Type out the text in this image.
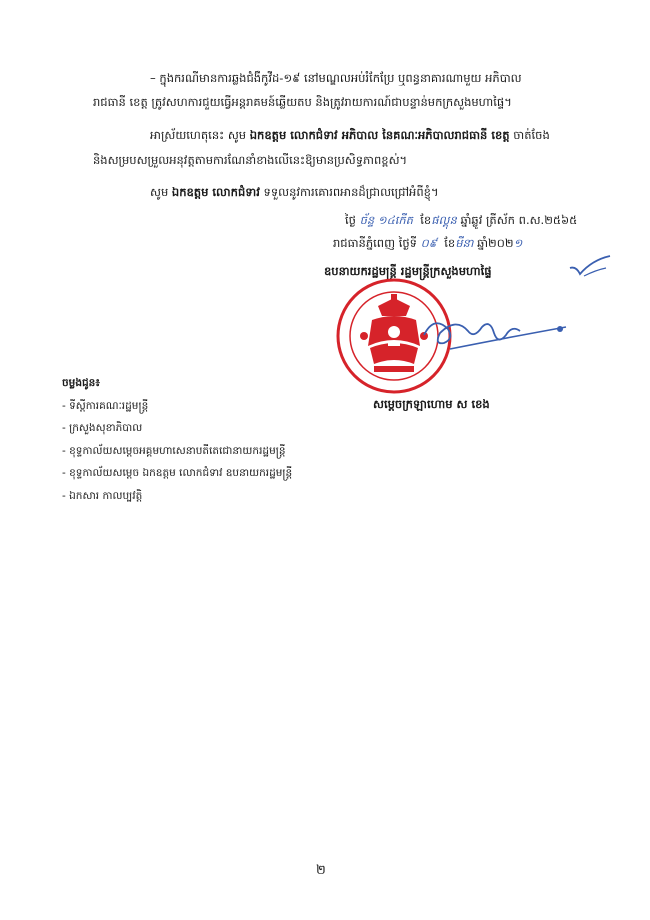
– ក្នុងករណីមានការឆ្លងជំងឺកូវីដ-១៩ នៅមណ្ឌលអប់រំកែប្រែ ឬពន្ធនាគារណាមួយ អភិបាល
រាជធានី ខេត្ត ត្រូវសហការជួយធ្វើអន្តរាគមន៍ឆ្លើយតប និងត្រូវរាយការណ៍ជាបន្ទាន់មកក្រសួងមហាផ្ទៃ។
អាស្រ័យហេតុនេះ សូម ឯកឧត្តម លោកជំទាវ អភិបាល នៃគណៈអភិបាលរាជធានី ខេត្ត ចាត់ចែង
និងសម្របសម្រួលអនុវត្តតាមការណែនាំខាងលើនេះឱ្យមានប្រសិទ្ធភាពខ្ពស់។
សូម ឯកឧត្តម លោកជំទាវ ទទួលនូវការគោរពអានដ៏ជ្រាលជ្រៅអំពីខ្ញុំ។
ថ្ងៃ ច័ន្ទ ១៤កើត ខែផល្គុន ឆ្នាំឆ្លូវ ត្រីស័ក ព.ស.២៥៦៥
រាជធានីភ្នំពេញ ថ្ងៃទី ០៩ ខែមីនា ឆ្នាំ២០២១
ឧបនាយករដ្ឋមន្ត្រី រដ្ឋមន្ត្រីក្រសួងមហាផ្ទៃ
សម្តេចក្រឡាហោម ស ខេង
ចម្លងជូន៖
- ទីស្តីការគណៈរដ្ឋមន្ត្រី
- ក្រសួងសុខាភិបាល
- ខុទ្ទកាល័យសម្តេចអគ្គមហាសេនាបតីតេជោនាយករដ្ឋមន្ត្រី
- ខុទ្ទកាល័យសម្តេច ឯកឧត្តម លោកជំទាវ ឧបនាយករដ្ឋមន្ត្រី
- ឯកសារ កាលប្បវត្តិ
២
